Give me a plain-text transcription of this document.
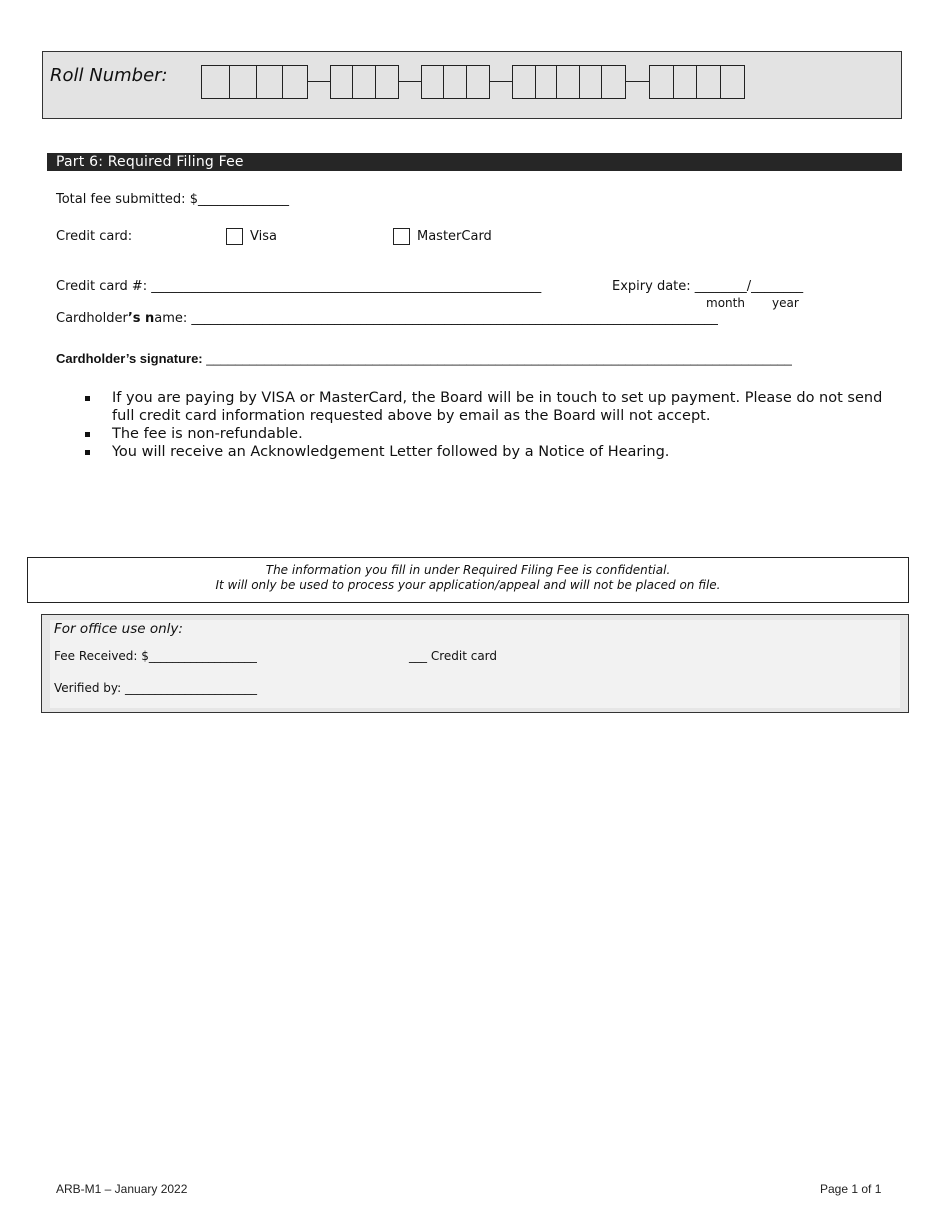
Roll Number:
Part 6: Required Filing Fee
Total fee submitted: $______________
Credit card:	Visa	MasterCard
Credit card #: ____________________________________________________________	Expiry date: ________/________
month year
Cardholder’s name: _________________________________________________________________________________
Cardholder’s signature: _________________________________________________________________________________
If you are paying by VISA or MasterCard, the Board will be in touch to set up payment. Please do not send full credit card information requested above by email as the Board will not accept.
The fee is non-refundable.
You will receive an Acknowledgement Letter followed by a Notice of Hearing.
The information you fill in under Required Filing Fee is confidential.
It will only be used to process your application/appeal and will not be placed on file.
For office use only:
Fee Received: $__________________	___ Credit card
Verified by: ______________________
ARB-M1 – January 2022	Page 1 of 1
